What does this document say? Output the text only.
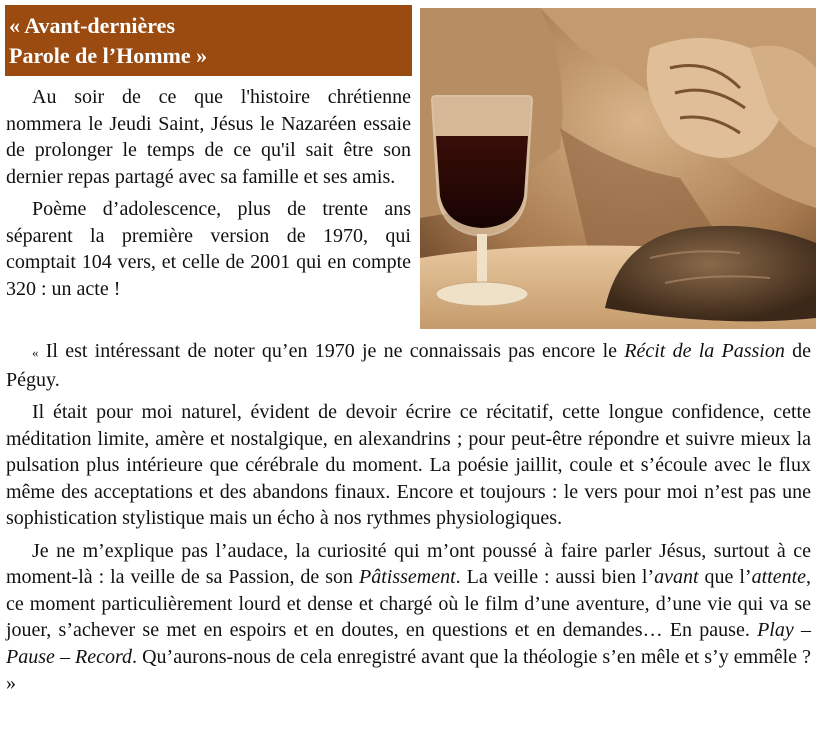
« Avant-dernières
Parole de l’Homme »

Au soir de ce que l'histoire chrétienne nommera le Jeudi Saint, Jésus le Nazaréen essaie de prolonger le temps de ce qu'il sait être son dernier repas partagé avec sa famille et ses amis.

Poème d’adolescence, plus de trente ans séparent la première version de 1970, qui comptait 104 vers, et celle de 2001 qui en compte 320 : un acte !

« Il est intéressant de noter qu’en 1970 je ne connaissais pas encore le Récit de la Passion de Péguy.

Il était pour moi naturel, évident de devoir écrire ce récitatif, cette longue confidence, cette méditation limite, amère et nostalgique, en alexandrins ; pour peut-être répondre et suivre mieux la pulsation plus intérieure que cérébrale du moment. La poésie jaillit, coule et s’écoule avec le flux même des acceptations et des abandons finaux. Encore et toujours : le vers pour moi n’est pas une sophistication stylistique mais un écho à nos rythmes physiologiques.

Je ne m’explique pas l’audace, la curiosité qui m’ont poussé à faire parler Jésus, surtout à ce moment-là : la veille de sa Passion, de son Pâtissement. La veille : aussi bien l’avant que l’attente, ce moment particulièrement lourd et dense et chargé où le film d’une aventure, d’une vie qui va se jouer, s’achever se met en espoirs et en doutes, en questions et en demandes… En pause. Play – Pause – Record. Qu’aurons-nous de cela enregistré avant que la théologie s’en mêle et s’y emmêle ? »
